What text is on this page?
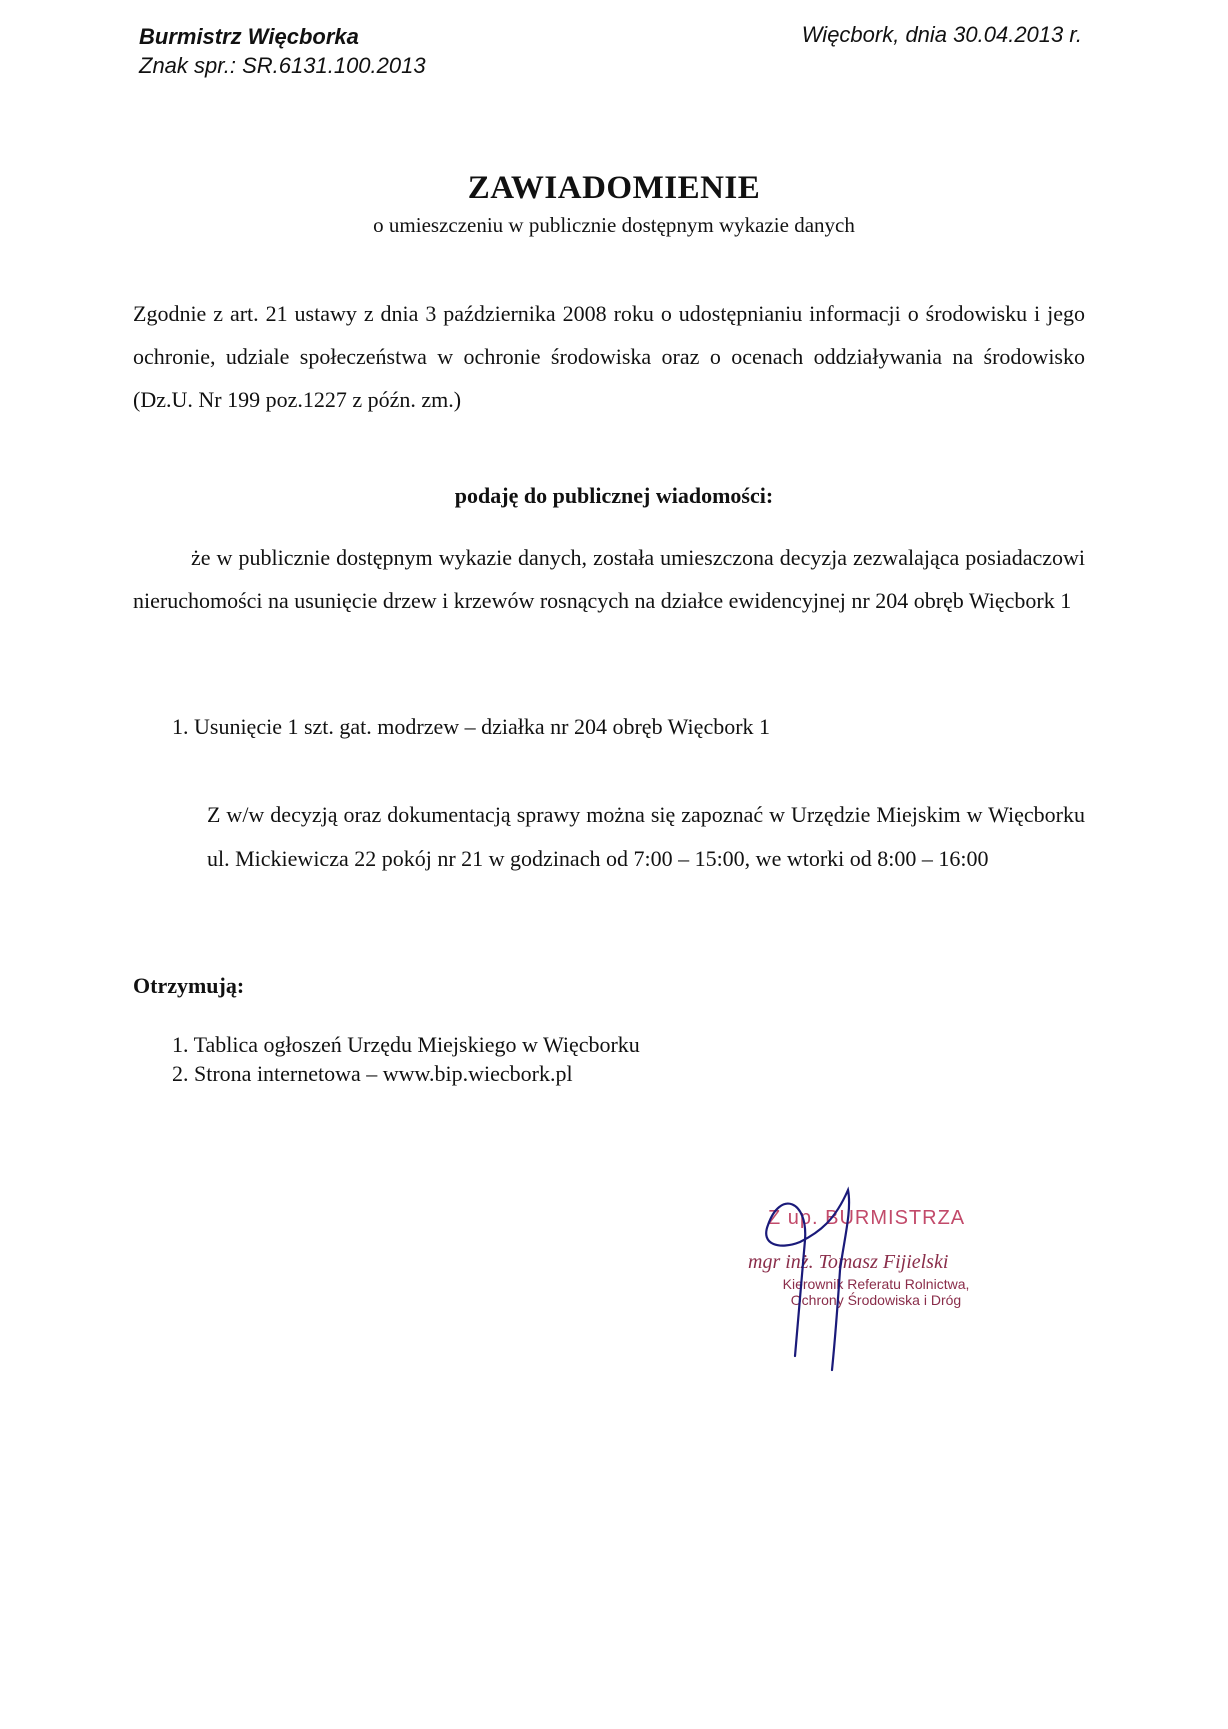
Burmistrz Więcborka
Znak spr.: SR.6131.100.2013
Więcbork, dnia 30.04.2013 r.
ZAWIADOMIENIE
o umieszczeniu w publicznie dostępnym wykazie danych
Zgodnie z art. 21 ustawy z dnia 3 października 2008 roku o udostępnianiu informacji o środowisku i jego ochronie, udziale społeczeństwa w ochronie środowiska oraz o ocenach oddziaływania na środowisko (Dz.U. Nr 199 poz.1227 z późn. zm.)
podaję do publicznej wiadomości:
że w publicznie dostępnym wykazie danych, została umieszczona decyzja zezwalająca posiadaczowi nieruchomości na usunięcie drzew i krzewów rosnących na działce ewidencyjnej nr 204 obręb Więcbork 1
1. Usunięcie 1 szt. gat. modrzew – działka nr 204 obręb Więcbork 1
Z w/w decyzją oraz dokumentacją sprawy można się zapoznać w Urzędzie Miejskim w Więcborku ul. Mickiewicza 22 pokój nr 21 w godzinach od 7:00 – 15:00, we wtorki od 8:00 – 16:00
Otrzymują:
1. Tablica ogłoszeń Urzędu Miejskiego w Więcborku
2. Strona internetowa – www.bip.wiecbork.pl
Z up. BURMISTRZA
mgr inż. Tomasz Fijielski
Kierownik Referatu Rolnictwa,
Ochrony Środowiska i Dróg
